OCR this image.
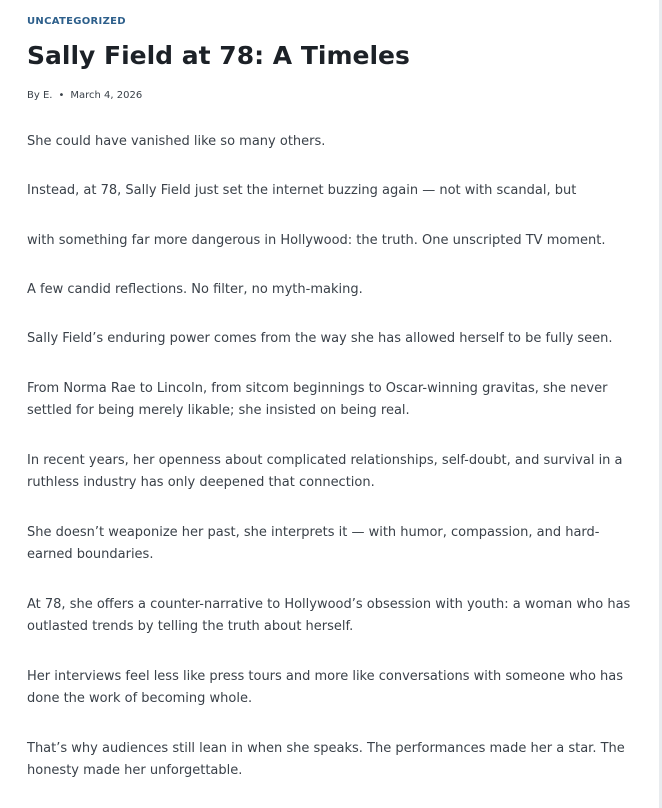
UNCATEGORIZED
Sally Field at 78: A Timeles
By E. • March 4, 2026

She could have vanished like so many others.

Instead, at 78, Sally Field just set the internet buzzing again — not with scandal, but

with something far more dangerous in Hollywood: the truth. One unscripted TV moment.

A few candid reflections. No filter, no myth-making.

Sally Field’s enduring power comes from the way she has allowed herself to be fully seen.

From Norma Rae to Lincoln, from sitcom beginnings to Oscar-winning gravitas, she never settled for being merely likable; she insisted on being real.

In recent years, her openness about complicated relationships, self-doubt, and survival in a ruthless industry has only deepened that connection.

She doesn’t weaponize her past, she interprets it — with humor, compassion, and hard-earned boundaries.

At 78, she offers a counter-narrative to Hollywood’s obsession with youth: a woman who has outlasted trends by telling the truth about herself.

Her interviews feel less like press tours and more like conversations with someone who has done the work of becoming whole.

That’s why audiences still lean in when she speaks. The performances made her a star. The honesty made her unforgettable.
